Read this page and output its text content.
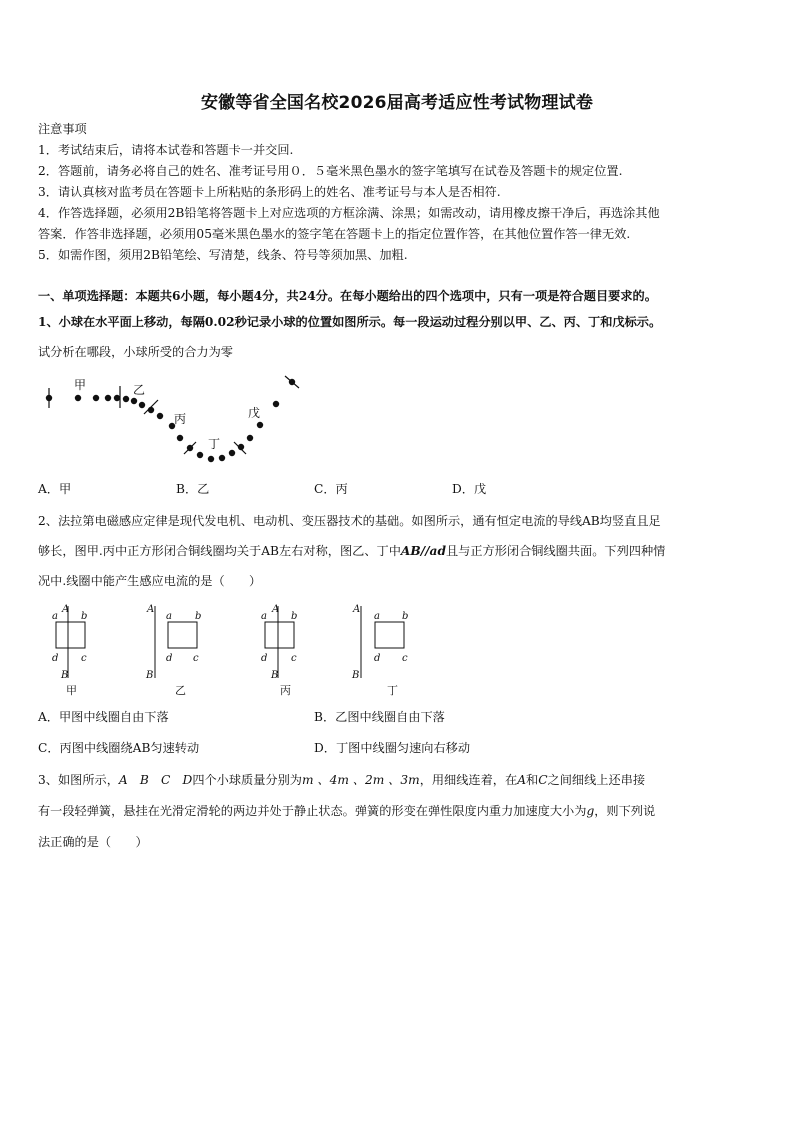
安徽等省全国名校2026届高考适应性考试物理试卷
注意事项
1．考试结束后，请将本试卷和答题卡一并交回.
2．答题前，请务必将自己的姓名、准考证号用０．５毫米黑色墨水的签字笔填写在试卷及答题卡的规定位置.
3．请认真核对监考员在答题卡上所粘贴的条形码上的姓名、准考证号与本人是否相符.
4．作答选择题，必须用2B铅笔将答题卡上对应选项的方框涂满、涂黑；如需改动，请用橡皮擦干净后，再选涂其他
答案．作答非选择题，必须用05毫米黑色墨水的签字笔在答题卡上的指定位置作答，在其他位置作答一律无效.
5．如需作图，须用2B铅笔绘、写清楚，线条、符号等须加黑、加粗.
一、单项选择题：本题共6小题，每小题4分，共24分。在每小题给出的四个选项中，只有一项是符合题目要求的。
1、小球在水平面上移动，每隔0.02秒记录小球的位置如图所示。每一段运动过程分别以甲、乙、丙、丁和戊标示。
试分析在哪段，小球所受的合力为零
甲	乙
丙
丁
戊
A．甲	B．乙	C．丙	D．戊
2、法拉第电磁感应定律是现代发电机、电动机、变压器技术的基础。如图所示，通有恒定电流的导线AB均竖直且足
够长，图甲.丙中正方形闭合铜线圈均关于AB左右对称，图乙、丁中AB//ad且与正方形闭合铜线圈共面。下列四种情
况中.线圈中能产生感应电流的是（　　）
A
a b
d c
B
A
a b
d c
B
A
a b
d c
B
A
a b
d c
B
甲	乙	丙	丁
A．甲图中线圈自由下落	B．乙图中线圈自由下落
C．丙图中线圈绕AB匀速转动	D．丁图中线圈匀速向右移动
3、如图所示，A　B　C　D四个小球质量分别为m 、4m 、2m 、3m，用细线连着，在A和C之间细线上还串接
有一段轻弹簧，悬挂在光滑定滑轮的两边并处于静止状态。弹簧的形变在弹性限度内重力加速度大小为g，则下列说
法正确的是（　　）
